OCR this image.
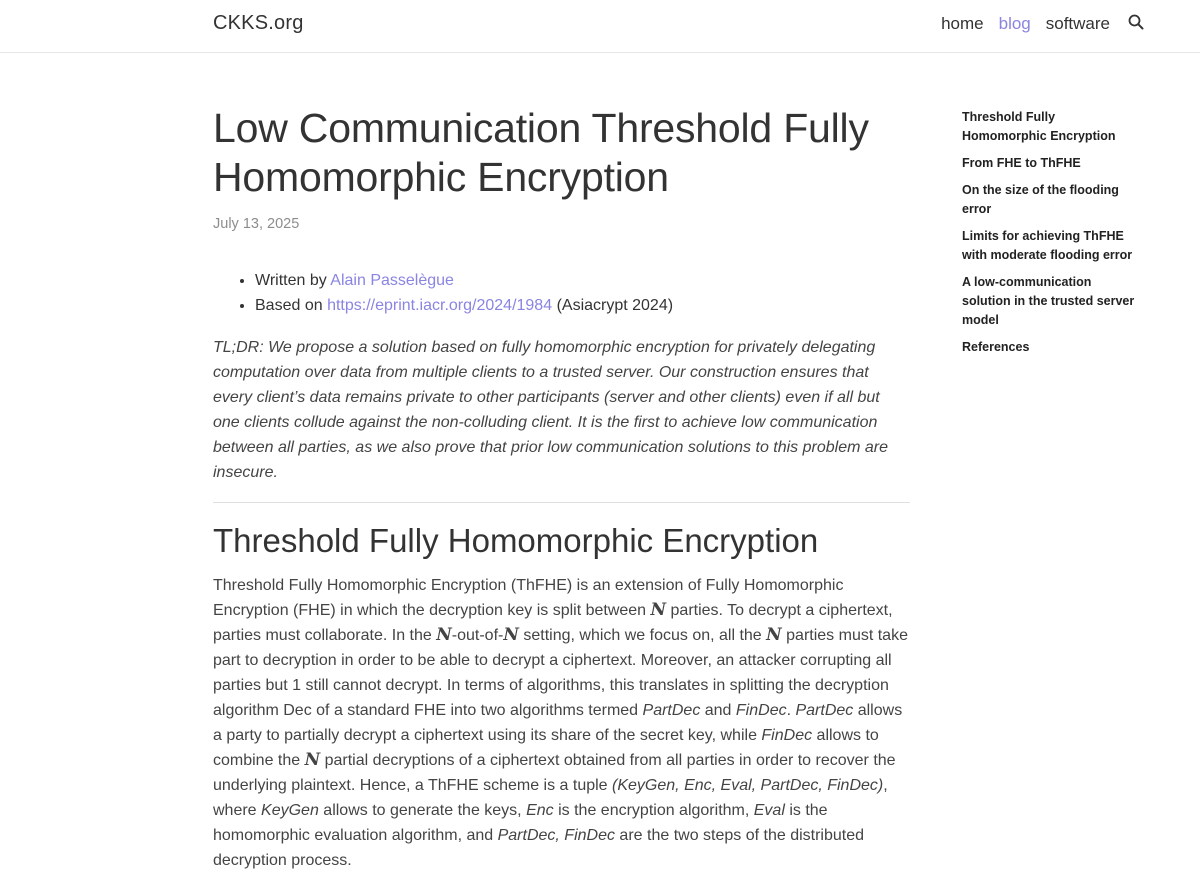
CKKS.org	home blog software
Low Communication Threshold Fully Homomorphic Encryption
July 13, 2025
• Written by Alain Passelègue
• Based on https://eprint.iacr.org/2024/1984 (Asiacrypt 2024)

TL;DR: We propose a solution based on fully homomorphic encryption for privately delegating computation over data from multiple clients to a trusted server. Our construction ensures that every client’s data remains private to other participants (server and other clients) even if all but one clients collude against the non-colluding client. It is the first to achieve low communication between all parties, as we also prove that prior low communication solutions to this problem are insecure.

Threshold Fully Homomorphic Encryption

Threshold Fully Homomorphic Encryption (ThFHE) is an extension of Fully Homomorphic Encryption (FHE) in which the decryption key is split between N parties. To decrypt a ciphertext, parties must collaborate. In the N-out-of-N setting, which we focus on, all the N parties must take part to decryption in order to be able to decrypt a ciphertext. Moreover, an attacker corrupting all parties but 1 still cannot decrypt. In terms of algorithms, this translates in splitting the decryption algorithm Dec of a standard FHE into two algorithms termed PartDec and FinDec. PartDec allows a party to partially decrypt a ciphertext using its share of the secret key, while FinDec allows to combine the N partial decryptions of a ciphertext obtained from all parties in order to recover the underlying plaintext. Hence, a ThFHE scheme is a tuple (KeyGen, Enc, Eval, PartDec, FinDec), where KeyGen allows to generate the keys, Enc is the encryption algorithm, Eval is the homomorphic evaluation algorithm, and PartDec, FinDec are the two steps of the distributed decryption process.

Threshold Fully Homomorphic Encryption
From FHE to ThFHE
On the size of the flooding error
Limits for achieving ThFHE with moderate flooding error
A low-communication solution in the trusted server model
References
